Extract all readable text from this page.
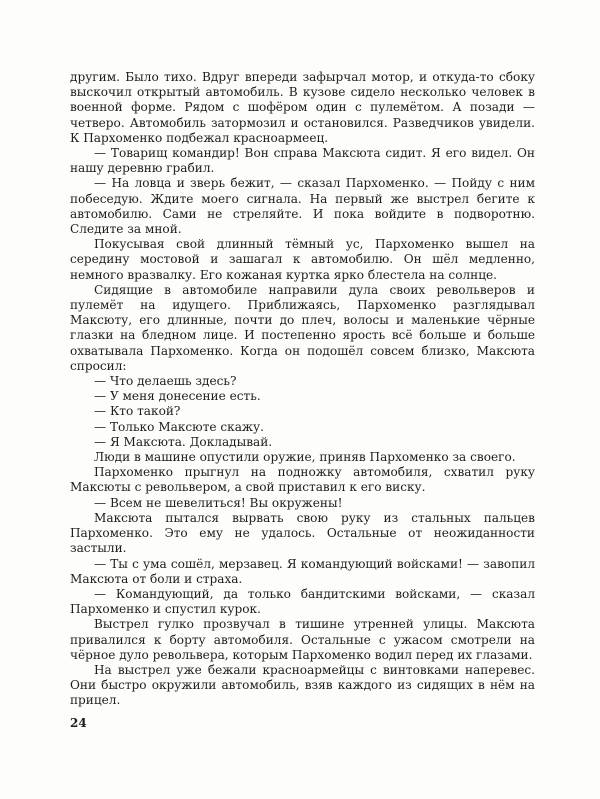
другим. Было тихо. Вдруг впереди зафырчал мотор, и откуда-то сбоку выскочил открытый автомобиль. В кузове сидело несколько человек в военной форме. Рядом с шофёром один с пулемётом. А позади — четверо. Автомобиль затормозил и остановился. Разведчиков увидели. К Пархоменко подбежал красноармеец.

— Товарищ командир! Вон справа Максюта сидит. Я его видел. Он нашу деревню грабил.

— На ловца и зверь бежит, — сказал Пархоменко. — Пойду с ним побеседую. Ждите моего сигнала. На первый же выстрел бегите к автомобилю. Сами не стреляйте. И пока войдите в подворотню. Следите за мной.

Покусывая свой длинный тёмный ус, Пархоменко вышел на середину мостовой и зашагал к автомобилю. Он шёл медленно, немного вразвалку. Его кожаная куртка ярко блестела на солнце.

Сидящие в автомобиле направили дула своих револьверов и пулемёт на идущего. Приближаясь, Пархоменко разглядывал Максюту, его длинные, почти до плеч, волосы и маленькие чёрные глазки на бледном лице. И постепенно ярость всё больше и больше охватывала Пархоменко. Когда он подошёл совсем близко, Максюта спросил:

— Что делаешь здесь?

— У меня донесение есть.

— Кто такой?

— Только Максюте скажу.

— Я Максюта. Докладывай.

Люди в машине опустили оружие, приняв Пархоменко за своего.

Пархоменко прыгнул на подножку автомобиля, схватил руку Максюты с револьвером, а свой приставил к его виску.

— Всем не шевелиться! Вы окружены!

Максюта пытался вырвать свою руку из стальных пальцев Пархоменко. Это ему не удалось. Остальные от неожиданности застыли.

— Ты с ума сошёл, мерзавец. Я командующий войсками! — завопил Максюта от боли и страха.

— Командующий, да только бандитскими войсками, — сказал Пархоменко и спустил курок.

Выстрел гулко прозвучал в тишине утренней улицы. Максюта привалился к борту автомобиля. Остальные с ужасом смотрели на чёрное дуло револьвера, которым Пархоменко водил перед их глазами.

На выстрел уже бежали красноармейцы с винтовками наперевес. Они быстро окружили автомобиль, взяв каждого из сидящих в нём на прицел.

24
